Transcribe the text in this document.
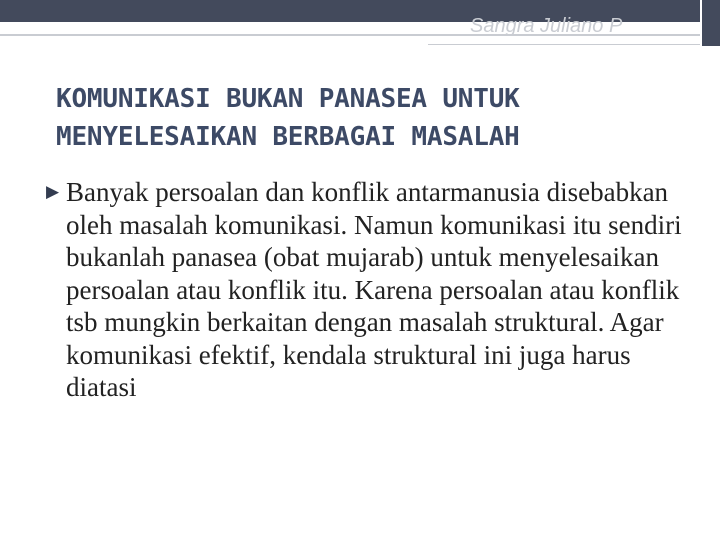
Sangra Juliano P
KOMUNIKASI BUKAN PANASEA UNTUK MENYELESAIKAN BERBAGAI MASALAH
▶ Banyak persoalan dan konflik antarmanusia disebabkan oleh masalah komunikasi. Namun komunikasi itu sendiri bukanlah panasea (obat mujarab) untuk menyelesaikan persoalan atau konflik itu. Karena persoalan atau konflik tsb mungkin berkaitan dengan masalah struktural. Agar komunikasi efektif, kendala struktural ini juga harus diatasi
